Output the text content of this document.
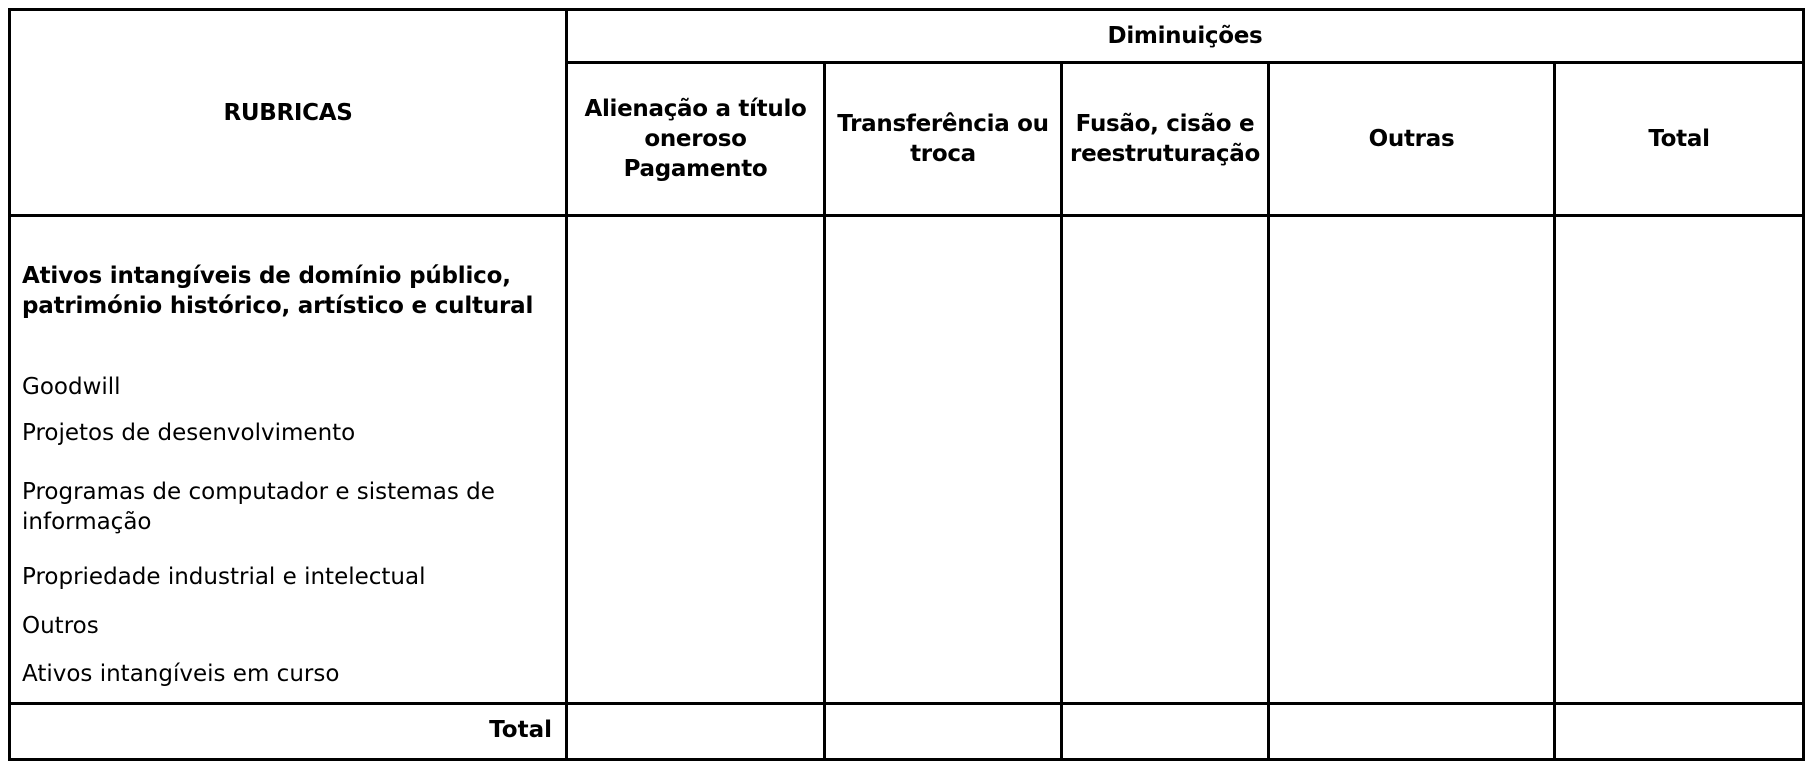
RUBRICAS
Diminuições
Alienação a título
oneroso
Pagamento
Transferência ou
troca
Fusão, cisão e
reestruturação
Outras	Total
Ativos intangíveis de domínio público,
património histórico, artístico e cultural
Goodwill
Projetos de desenvolvimento
Programas de computador e sistemas de
informação
Propriedade industrial e intelectual
Outros
Ativos intangíveis em curso
Total
